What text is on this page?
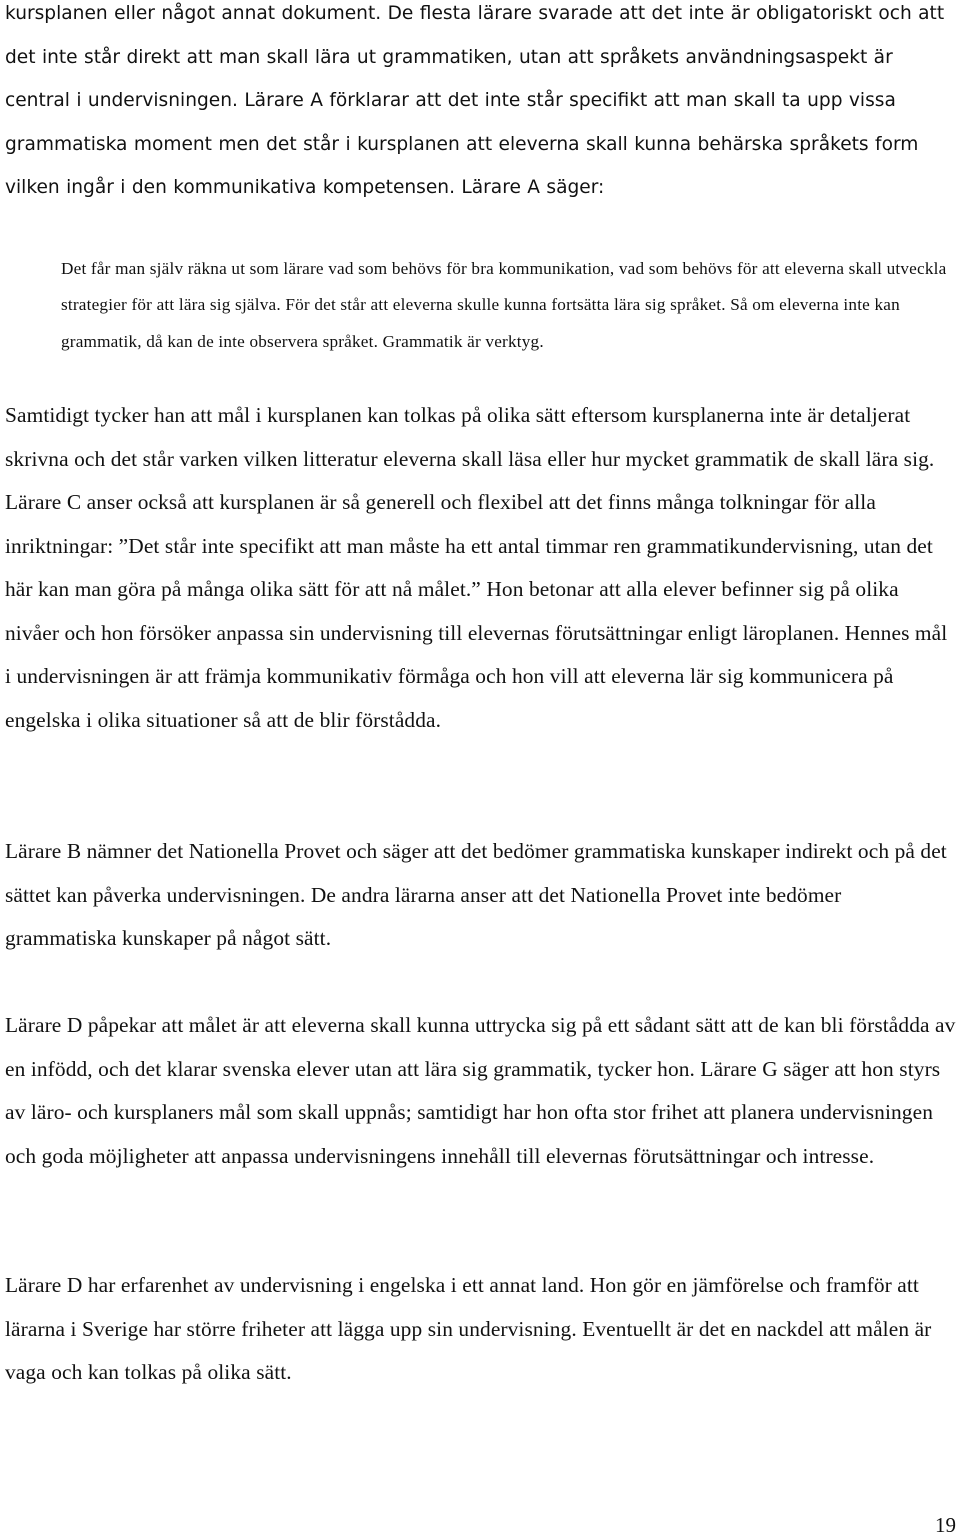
kursplanen eller något annat dokument. De flesta lärare svarade att det inte är obligatoriskt och att det inte står direkt att man skall lära ut grammatiken, utan att språkets användningsaspekt är central i undervisningen. Lärare A förklarar att det inte står specifikt att man skall ta upp vissa grammatiska moment men det står i kursplanen att eleverna skall kunna behärska språkets form vilken ingår i den kommunikativa kompetensen. Lärare A säger:

Det får man själv räkna ut som lärare vad som behövs för bra kommunikation, vad som behövs för att eleverna skall utveckla strategier för att lära sig själva. För det står att eleverna skulle kunna fortsätta lära sig språket. Så om eleverna inte kan grammatik, då kan de inte observera språket. Grammatik är verktyg.

Samtidigt tycker han att mål i kursplanen kan tolkas på olika sätt eftersom kursplanerna inte är detaljerat skrivna och det står varken vilken litteratur eleverna skall läsa eller hur mycket grammatik de skall lära sig. Lärare C anser också att kursplanen är så generell och flexibel att det finns många tolkningar för alla inriktningar: ”Det står inte specifikt att man måste ha ett antal timmar ren grammatikundervisning, utan det här kan man göra på många olika sätt för att nå målet.” Hon betonar att alla elever befinner sig på olika nivåer och hon försöker anpassa sin undervisning till elevernas förutsättningar enligt läroplanen. Hennes mål i undervisningen är att främja kommunikativ förmåga och hon vill att eleverna lär sig kommunicera på engelska i olika situationer så att de blir förstådda.

Lärare B nämner det Nationella Provet och säger att det bedömer grammatiska kunskaper indirekt och på det sättet kan påverka undervisningen. De andra lärarna anser att det Nationella Provet inte bedömer grammatiska kunskaper på något sätt.

Lärare D påpekar att målet är att eleverna skall kunna uttrycka sig på ett sådant sätt att de kan bli förstådda av en infödd, och det klarar svenska elever utan att lära sig grammatik, tycker hon. Lärare G säger att hon styrs av läro- och kursplaners mål som skall uppnås; samtidigt har hon ofta stor frihet att planera undervisningen och goda möjligheter att anpassa undervisningens innehåll till elevernas förutsättningar och intresse.

Lärare D har erfarenhet av undervisning i engelska i ett annat land. Hon gör en jämförelse och framför att lärarna i Sverige har större friheter att lägga upp sin undervisning. Eventuellt är det en nackdel att målen är vaga och kan tolkas på olika sätt.

19
